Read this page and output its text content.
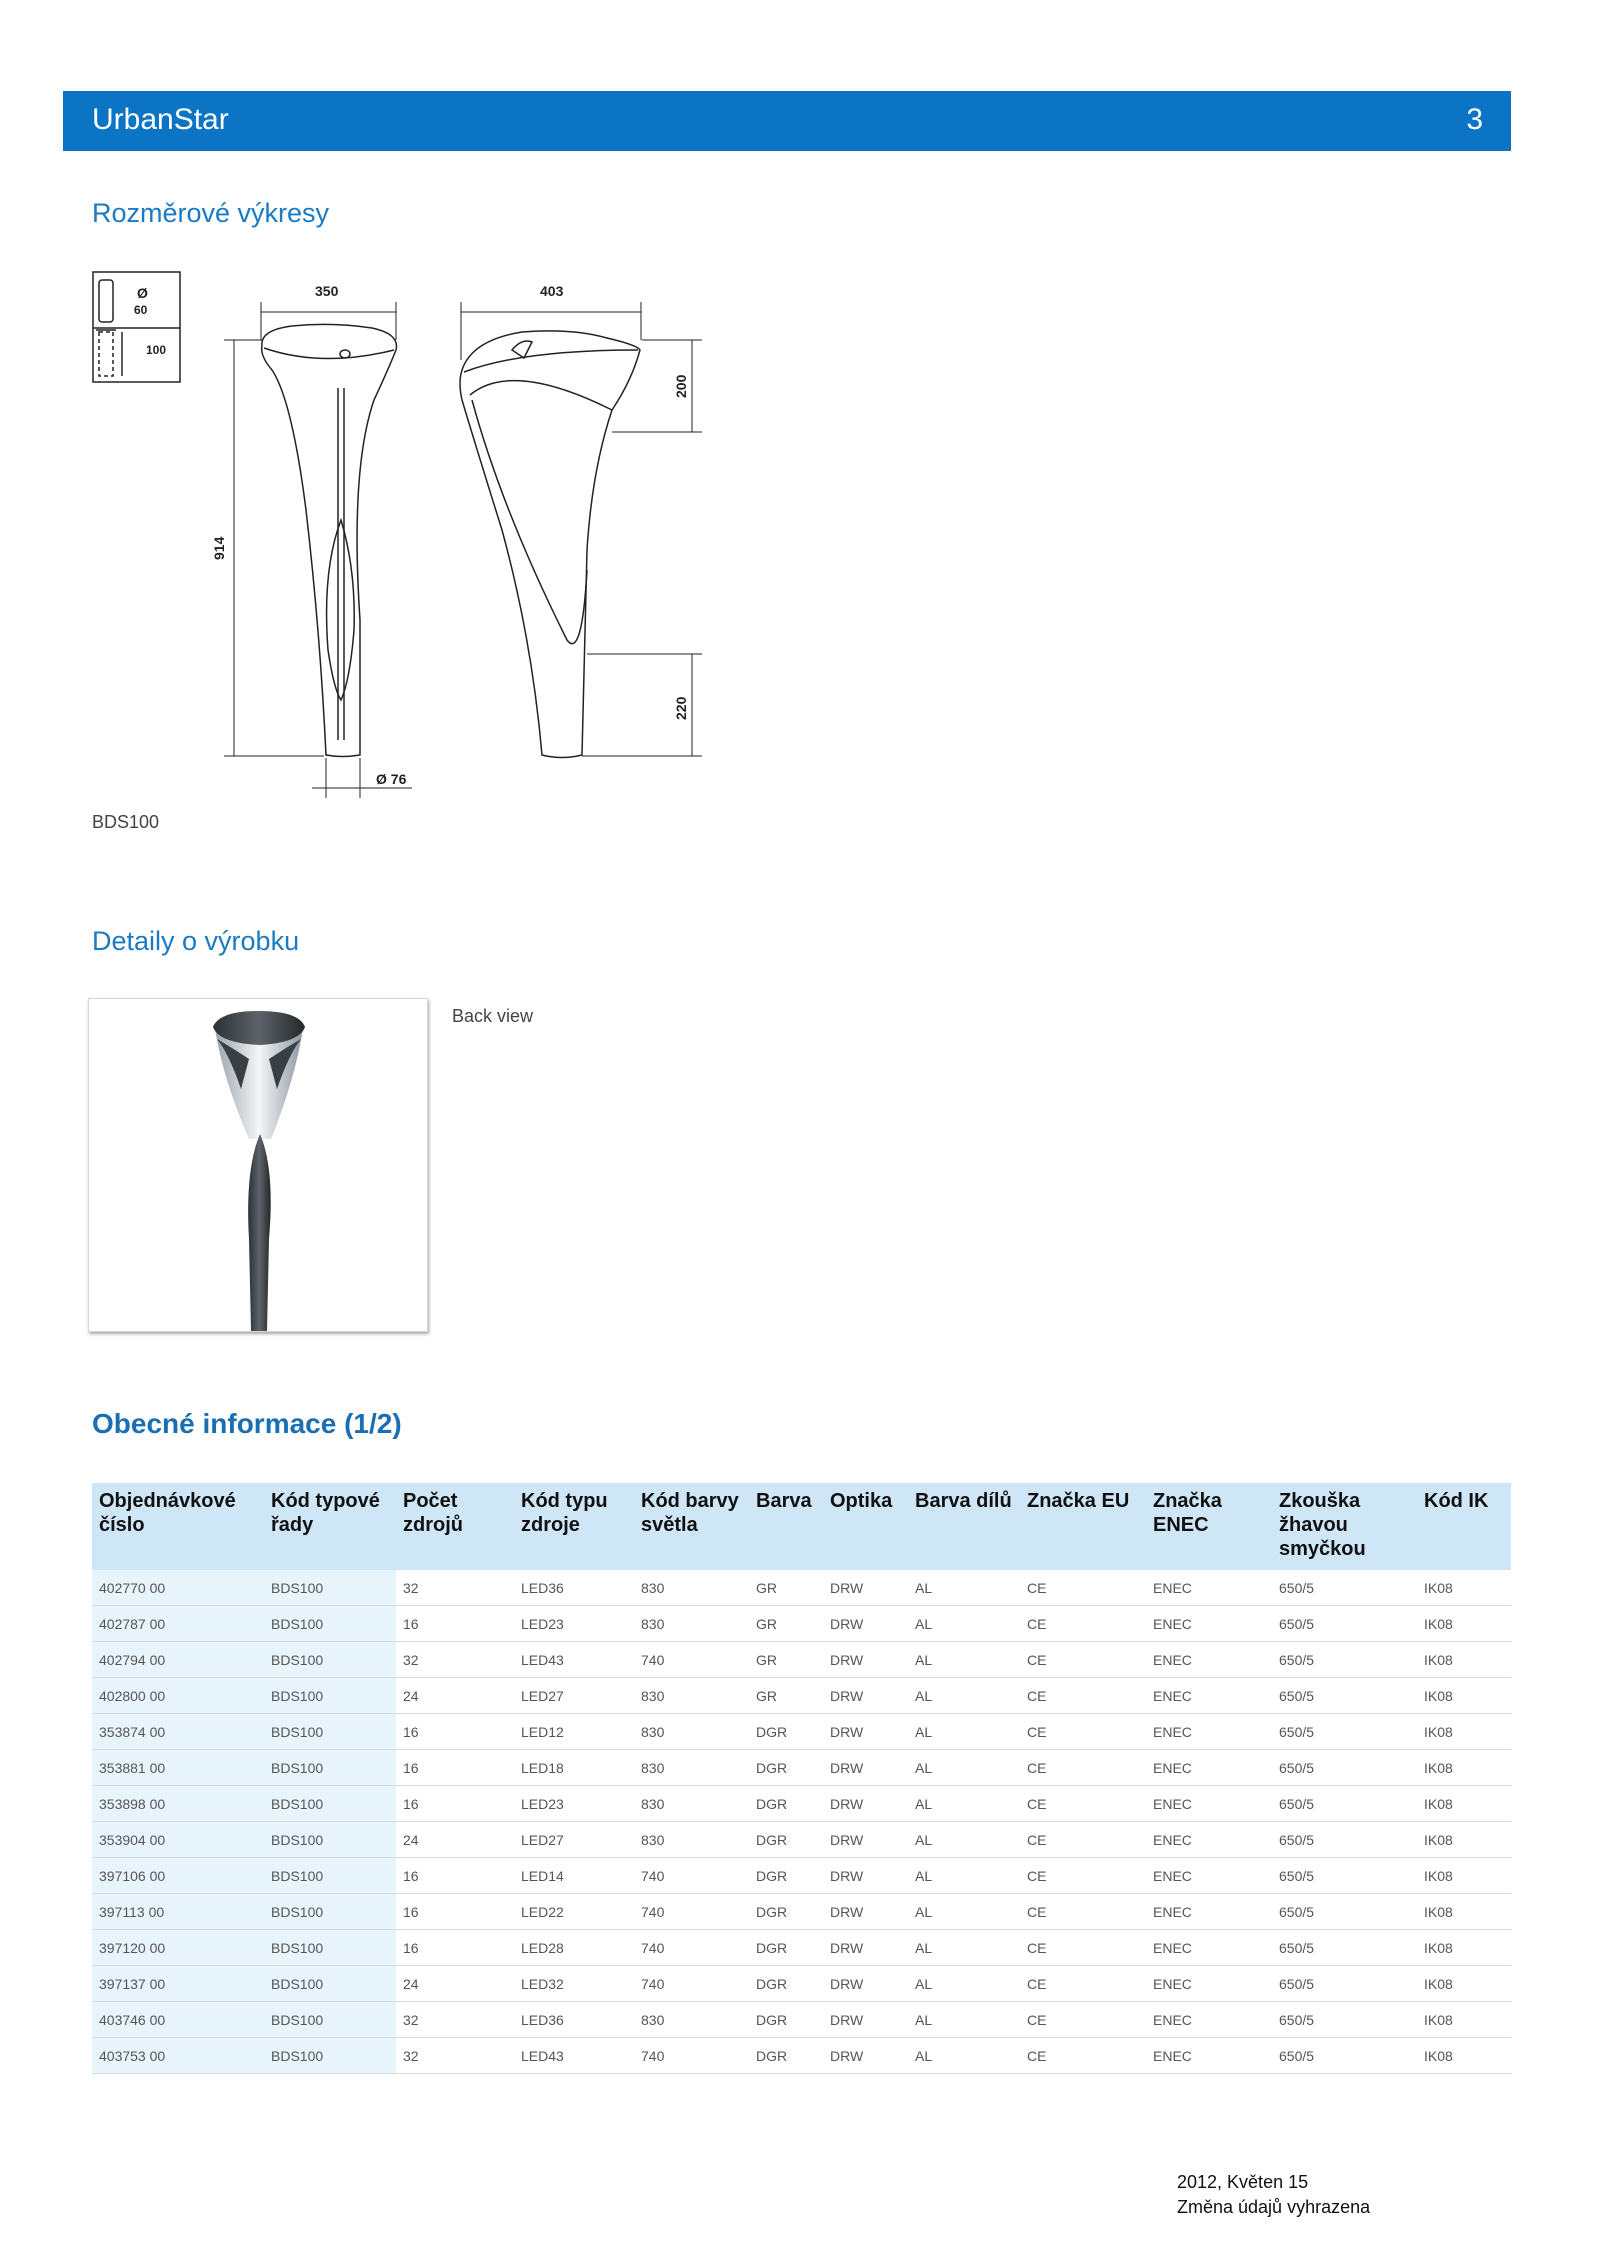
UrbanStar	3
Rozměrové výkresy
Ø
60
100
350	403
914
200
220
Ø 76
BDS100
Detaily o výrobku
Back view
Obecné informace (1/2)
Objednávkové číslo	Kód typové řady	Počet zdrojů	Kód typu zdroje	Kód barvy světla	Barva	Optika	Barva dílů	Značka EU	Značka ENEC	Zkouška žhavou smyčkou	Kód IK
402770 00	BDS100	32	LED36	830	GR	DRW	AL	CE	ENEC	650/5	IK08
402787 00	BDS100	16	LED23	830	GR	DRW	AL	CE	ENEC	650/5	IK08
402794 00	BDS100	32	LED43	740	GR	DRW	AL	CE	ENEC	650/5	IK08
402800 00	BDS100	24	LED27	830	GR	DRW	AL	CE	ENEC	650/5	IK08
353874 00	BDS100	16	LED12	830	DGR	DRW	AL	CE	ENEC	650/5	IK08
353881 00	BDS100	16	LED18	830	DGR	DRW	AL	CE	ENEC	650/5	IK08
353898 00	BDS100	16	LED23	830	DGR	DRW	AL	CE	ENEC	650/5	IK08
353904 00	BDS100	24	LED27	830	DGR	DRW	AL	CE	ENEC	650/5	IK08
397106 00	BDS100	16	LED14	740	DGR	DRW	AL	CE	ENEC	650/5	IK08
397113 00	BDS100	16	LED22	740	DGR	DRW	AL	CE	ENEC	650/5	IK08
397120 00	BDS100	16	LED28	740	DGR	DRW	AL	CE	ENEC	650/5	IK08
397137 00	BDS100	24	LED32	740	DGR	DRW	AL	CE	ENEC	650/5	IK08
403746 00	BDS100	32	LED36	830	DGR	DRW	AL	CE	ENEC	650/5	IK08
403753 00	BDS100	32	LED43	740	DGR	DRW	AL	CE	ENEC	650/5	IK08
2012, Květen 15
Změna údajů vyhrazena
